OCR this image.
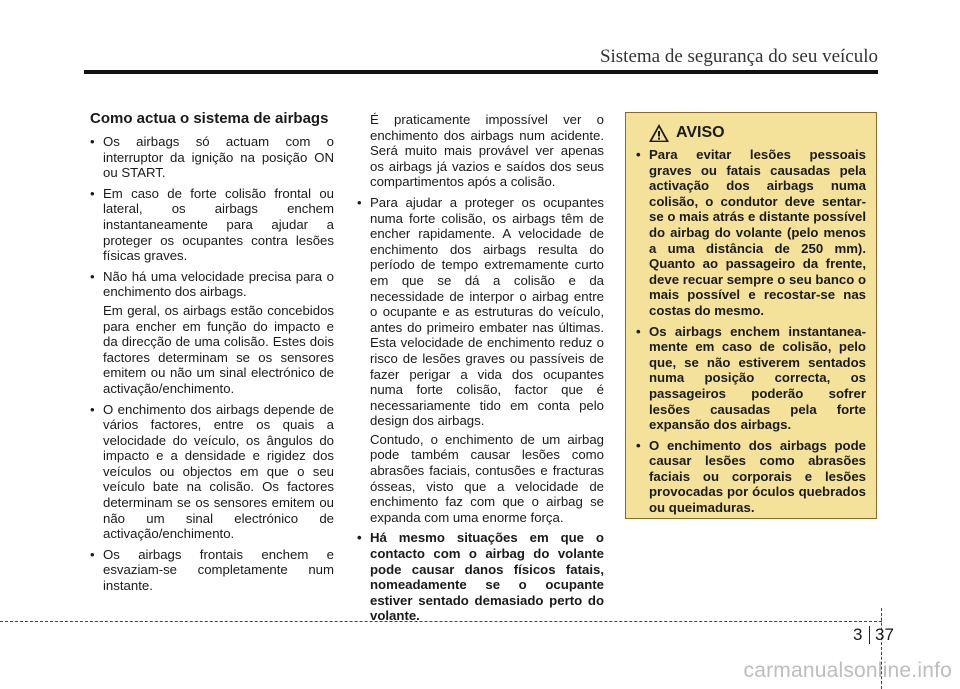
Sistema de segurança do seu veículo
Como actua o sistema de airbags
• Os airbags só actuam com o interruptor da ignição na posição ON ou START.
• Em caso de forte colisão frontal ou lateral, os airbags enchem instantaneamente para ajudar a proteger os ocupantes contra lesões físicas graves.
• Não há uma velocidade precisa para o enchimento dos airbags.
Em geral, os airbags estão concebidos para encher em função do impacto e da direcção de uma colisão. Estes dois factores determinam se os sensores emitem ou não um sinal electrónico de activação/enchimento.
• O enchimento dos airbags depende de vários factores, entre os quais a velocidade do veículo, os ângulos do impacto e a densidade e rigidez dos veículos ou objectos em que o seu veículo bate na colisão. Os factores determinam se os sensores emitem ou não um sinal electrónico de activação/enchimento.
• Os airbags frontais enchem e esvaziam-se completamente num instante.
É praticamente impossível ver o enchimento dos airbags num acidente. Será muito mais provável ver apenas os airbags já vazios e saídos dos seus compartimentos após a colisão.
• Para ajudar a proteger os ocupantes numa forte colisão, os airbags têm de encher rapidamente. A velocidade de enchimento dos airbags resulta do período de tempo extremamente curto em que se dá a colisão e da necessidade de interpor o airbag entre o ocupante e as estruturas do veículo, antes do primeiro embater nas últimas. Esta velocidade de enchimento reduz o risco de lesões graves ou passíveis de fazer perigar a vida dos ocupantes numa forte colisão, factor que é necessariamente tido em conta pelo design dos airbags.
Contudo, o enchimento de um airbag pode também causar lesões como abrasões faciais, contusões e fracturas ósseas, visto que a velocidade de enchimento faz com que o airbag se expanda com uma enorme força.
• Há mesmo situações em que o contacto com o airbag do volante pode causar danos físicos fatais, nomeadamente se o ocupante estiver sentado demasiado perto do volante.
AVISO
• Para evitar lesões pessoais graves ou fatais causadas pela activação dos airbags numa colisão, o condutor deve sentar-se o mais atrás e distante possível do airbag do volante (pelo menos a uma distância de 250 mm). Quanto ao passageiro da frente, deve recuar sempre o seu banco o mais possível e recostar-se nas costas do mesmo.
• Os airbags enchem instantanea-mente em caso de colisão, pelo que, se não estiverem sentados numa posição correcta, os passageiros poderão sofrer lesões causadas pela forte expansão dos airbags.
• O enchimento dos airbags pode causar lesões como abrasões faciais ou corporais e lesões provocadas por óculos quebrados ou queimaduras.
3 37
carmanualsonline.info
